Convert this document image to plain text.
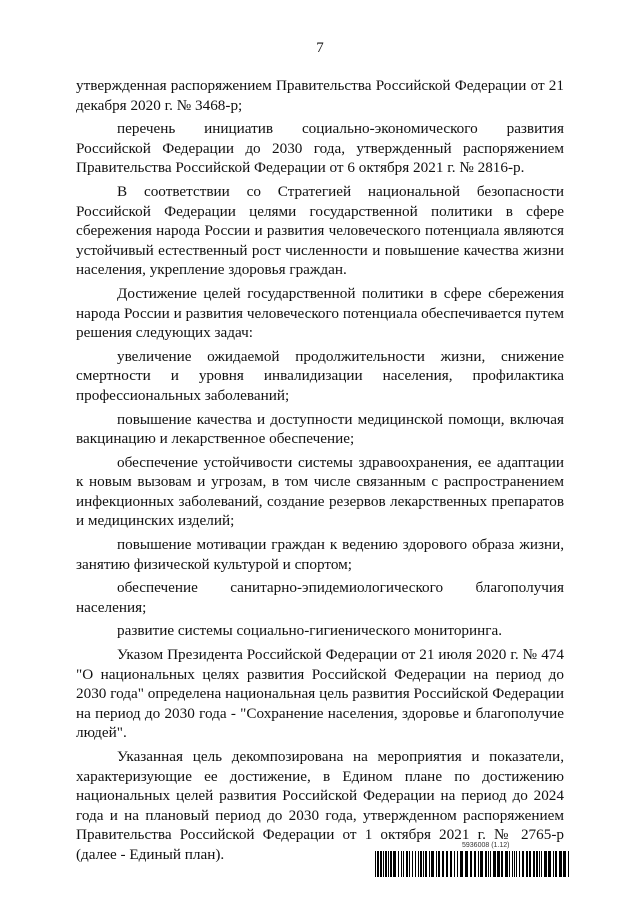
7

утвержденная распоряжением Правительства Российской Федерации от 21 декабря 2020 г. № 3468-р;

перечень инициатив социально-экономического развития Российской Федерации до 2030 года, утвержденный распоряжением Правительства Российской Федерации от 6 октября 2021 г. № 2816-р.

В соответствии со Стратегией национальной безопасности Российской Федерации целями государственной политики в сфере сбережения народа России и развития человеческого потенциала являются устойчивый естественный рост численности и повышение качества жизни населения, укрепление здоровья граждан.

Достижение целей государственной политики в сфере сбережения народа России и развития человеческого потенциала обеспечивается путем решения следующих задач:

увеличение ожидаемой продолжительности жизни, снижение смертности и уровня инвалидизации населения, профилактика профессиональных заболеваний;

повышение качества и доступности медицинской помощи, включая вакцинацию и лекарственное обеспечение;

обеспечение устойчивости системы здравоохранения, ее адаптации к новым вызовам и угрозам, в том числе связанным с распространением инфекционных заболеваний, создание резервов лекарственных препаратов и медицинских изделий;

повышение мотивации граждан к ведению здорового образа жизни, занятию физической культурой и спортом;

обеспечение санитарно-эпидемиологического благополучия населения;

развитие системы социально-гигиенического мониторинга.

Указом Президента Российской Федерации от 21 июля 2020 г. № 474 "О национальных целях развития Российской Федерации на период до 2030 года" определена национальная цель развития Российской Федерации на период до 2030 года - "Сохранение населения, здоровье и благополучие людей".

Указанная цель декомпозирована на мероприятия и показатели, характеризующие ее достижение, в Едином плане по достижению национальных целей развития Российской Федерации на период до 2024 года и на плановый период до 2030 года, утвержденном распоряжением Правительства Российской Федерации от 1 октября 2021 г. № 2765-р (далее - Единый план).

5936008 (1.12)
